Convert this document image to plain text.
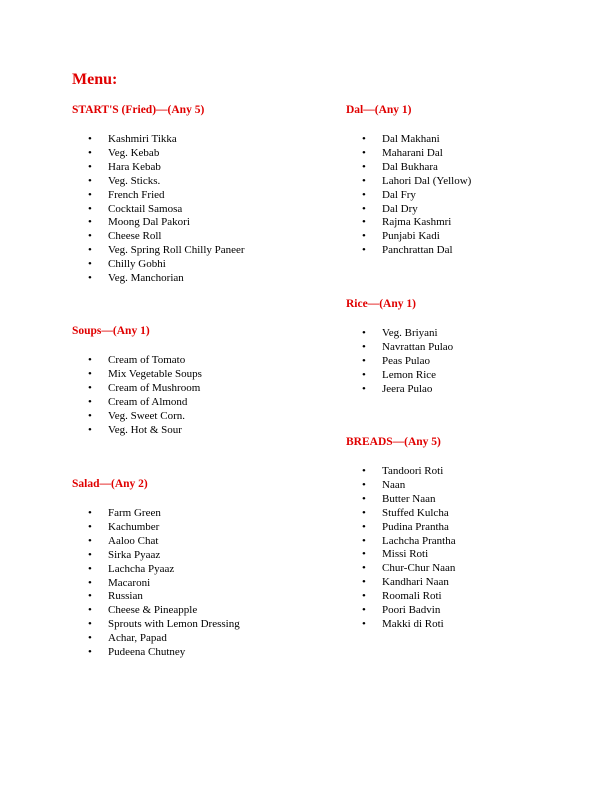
Menu:
START'S (Fried)—(Any 5)
• Kashmiri Tikka
• Veg. Kebab
• Hara Kebab
• Veg. Sticks.
• French Fried
• Cocktail Samosa
• Moong Dal Pakori
• Cheese Roll
• Veg. Spring Roll Chilly Paneer
• Chilly Gobhi
• Veg. Manchorian
Soups—(Any 1)
• Cream of Tomato
• Mix Vegetable Soups
• Cream of Mushroom
• Cream of Almond
• Veg. Sweet Corn.
• Veg. Hot & Sour
Salad—(Any 2)
• Farm Green
• Kachumber
• Aaloo Chat
• Sirka Pyaaz
• Lachcha Pyaaz
• Macaroni
• Russian
• Cheese & Pineapple
• Sprouts with Lemon Dressing
• Achar, Papad
• Pudeena Chutney
Dal—(Any 1)
• Dal Makhani
• Maharani Dal
• Dal Bukhara
• Lahori Dal (Yellow)
• Dal Fry
• Dal Dry
• Rajma Kashmri
• Punjabi Kadi
• Panchrattan Dal
Rice—(Any 1)
• Veg. Briyani
• Navrattan Pulao
• Peas Pulao
• Lemon Rice
• Jeera Pulao
BREADS—(Any 5)
• Tandoori Roti
• Naan
• Butter Naan
• Stuffed Kulcha
• Pudina Prantha
• Lachcha Prantha
• Missi Roti
• Chur-Chur Naan
• Kandhari Naan
• Roomali Roti
• Poori Badvin
• Makki di Roti
